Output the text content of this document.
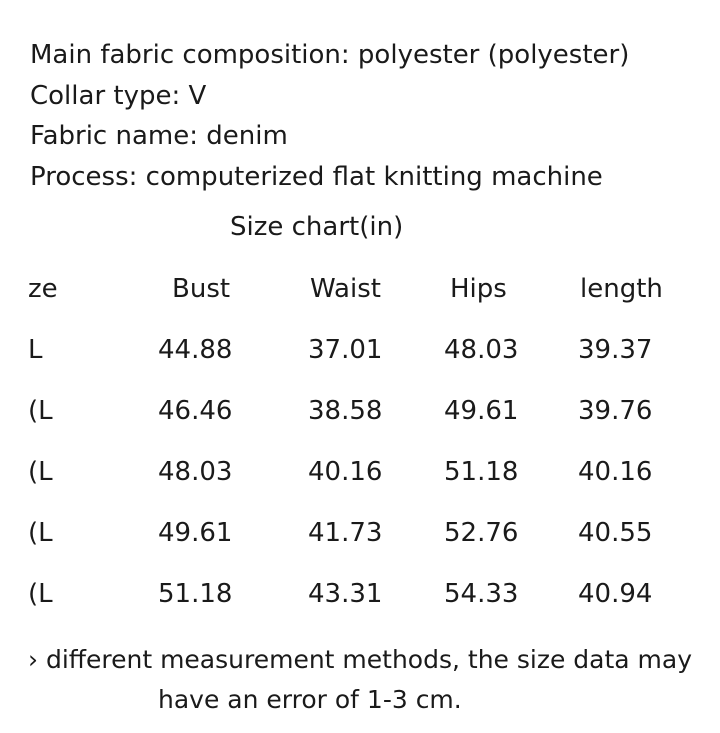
Main fabric composition: polyester (polyester)
Collar type: V
Fabric name: denim
Process: computerized flat knitting machine
Size chart(in)
ze	Bust	Waist	Hips	length
L	44.88	37.01 48.03 39.37
(L	46.46	38.58 49.61 39.76
(L	48.03	40.16 51.18 40.16
(L	49.61	41.73 52.76 40.55
(L	51.18	43.31 54.33 40.94
› different measurement methods, the size data may
have an error of 1-3 cm.
